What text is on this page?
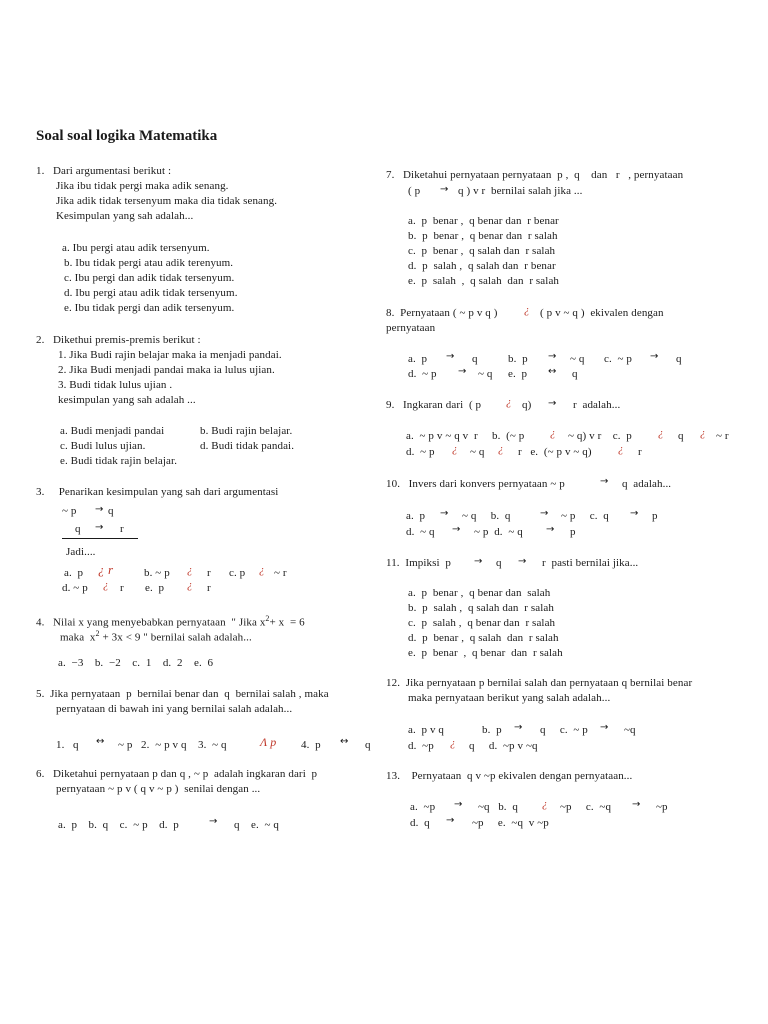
Soal soal logika Matematika
1.   Dari argumentasi berikut :
Jika ibu tidak pergi maka adik senang.
Jika adik tidak tersenyum maka dia tidak senang.
Kesimpulan yang sah adalah...
a. Ibu pergi atau adik tersenyum.
b. Ibu tidak pergi atau adik terenyum.
c. Ibu pergi dan adik tidak tersenyum.
d. Ibu pergi atau adik tidak tersenyum.
e. Ibu tidak pergi dan adik tersenyum.
2.   Dikethui premis-premis berikut :
1. Jika Budi rajin belajar maka ia menjadi pandai.
2. Jika Budi menjadi pandai maka ia lulus ujian.
3. Budi tidak lulus ujian .
kesimpulan yang sah adalah ...
a. Budi menjadi pandai	b. Budi rajin belajar.
c. Budi lulus ujian.	d. Budi tidak pandai.
e. Budi tidak rajin belajar.
3.     Penarikan kesimpulan yang sah dari argumentasi
~ p → q
q → r
Jadi....
a.  p ¿ r	b. ~ p ¿ r c. p ¿ ~ r
d. ~ p ¿ r e.  p ¿ r
4.   Nilai x yang menyebabkan pernyataan  " Jika $x^2+ x = 6$
maka  $x^2 + 3x < 9$ " bernilai salah adalah...
a.  −3    b.  −2    c.  1    d.  2    e.  6
5.  Jika pernyataan  p  bernilai benar dan  q  bernilai salah , maka
pernyataan di bawah ini yang bernilai salah adalah...
1.   q ↔ ~ p   2.  ~ p v q    3.  ~ q	Λ p 4.  p ↔ q
6.   Diketahui pernyataan p dan q , ~ p  adalah ingkaran dari  p
pernyataan ~ p v ( q v ~ p )  senilai dengan ...
a.  p    b.  q    c.  ~ p    d.  p	→ q    e.  ~ q
7.   Diketahui pernyataan pernyataan  p ,  q    dan   r   , pernyataan
( p → q ) v r  bernilai salah jika ...
a.  p  benar ,  q benar dan  r benar
b.  p  benar ,  q benar dan  r salah
c.  p  benar ,  q salah dan  r salah
d.  p  salah ,  q salah dan  r benar
e.  p  salah  ,  q salah  dan  r salah
8.  Pernyataan ( ~ p v q ) ¿ ( p v ~ q )  ekivalen dengan
pernyataan
a.  p → q	b.  p → ~ q c.  ~ p → q
d.  ~ p → ~ q e.  p ↔ q
9.   Ingkaran dari  ( p ¿ q) → r  adalah...
a.  ~ p v ~ q v  r     b.  (~ p ¿ ~ q) v r    c.  p ¿ q ¿ ~ r
d.  ~ p ¿ ~ q ¿ r   e.  (~ p v ~ q) ¿ r
10.   Invers dari konvers pernyataan ~ p	→ q  adalah...
a.  p → ~ q     b.  q	→ ~ p     c.  q → p
d.  ~ q → ~ p  d.  ~ q → p
11.  Impiksi  p → q → r  pasti bernilai jika...
a.  p  benar ,  q benar dan  salah
b.  p  salah ,  q salah dan  r salah
c.  p  salah ,  q benar dan  r salah
d.  p  benar ,  q salah  dan  r salah
e.  p  benar  ,  q benar  dan  r salah
12.  Jika pernyataan p bernilai salah dan pernyataan q bernilai benar
maka pernyataan berikut yang salah adalah...
a.  p v q	b.  p → q     c.  ~ p → ~q
d.  ~p ¿ q     d.  ~p v ~q
13.    Pernyataan  q v ~p ekivalen dengan pernyataan...
a.  ~p → ~q   b.  q ¿ ~p     c.  ~q → ~p
d.  q → ~p     e.  ~q  v ~p
